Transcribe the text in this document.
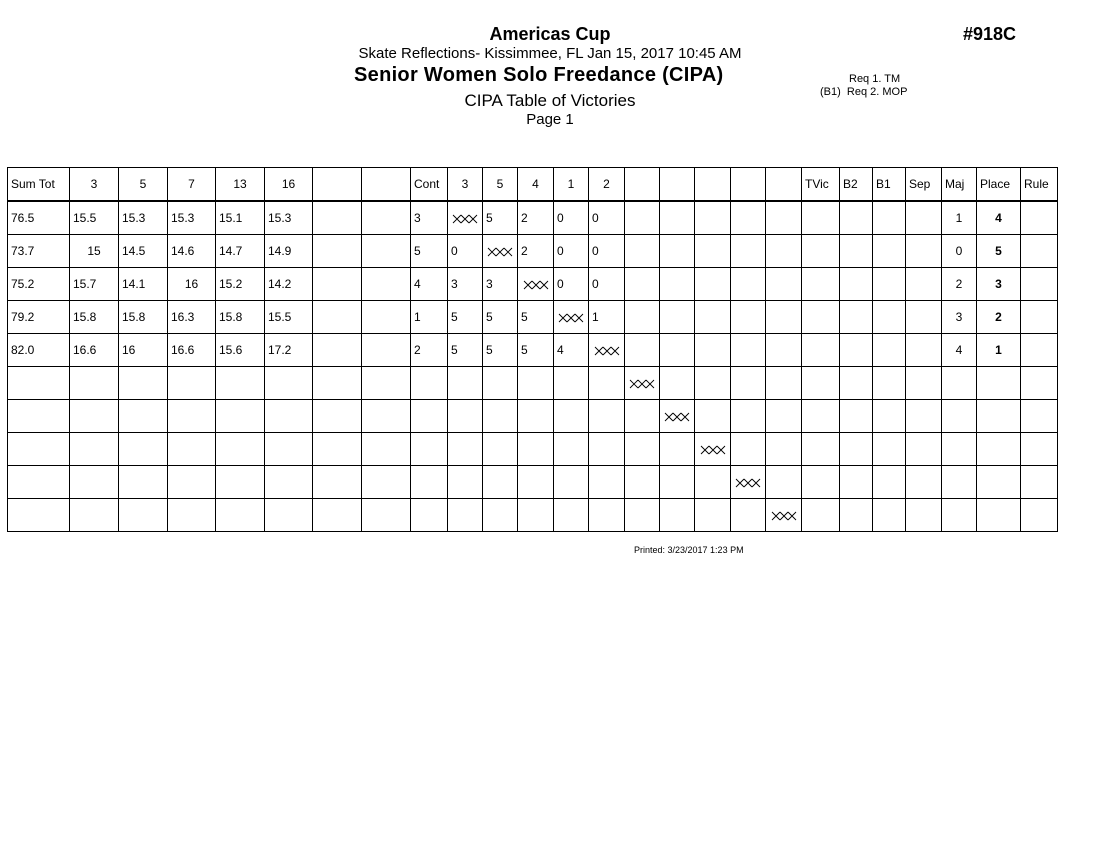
Americas Cup	#918C
Skate Reflections- Kissimmee, FL Jan 15, 2017 10:45 AM
Senior Women Solo Freedance (CIPA)	Req 1. TM
(B1) Req 2. MOP
CIPA Table of Victories
Page 1
Sum Tot	3	5	7	13	16			Cont	3	5	4	1	2						TVic	B2	B1	Sep	Maj	Place	Rule
76.5	15.5	15.3	15.3	15.1	15.3			3		5	2	0	0										1	4	
73.7	15	14.5	14.6	14.7	14.9			5	0		2	0	0										0	5	
75.2	15.7	14.1	16	15.2	14.2			4	3	3		0	0										2	3	
79.2	15.8	15.8	16.3	15.8	15.5			1	5	5	5		1										3	2	
82.0	16.6	16	16.6	15.6	17.2			2	5	5	5	4											4	1	

Printed: 3/23/2017 1:23 PM
